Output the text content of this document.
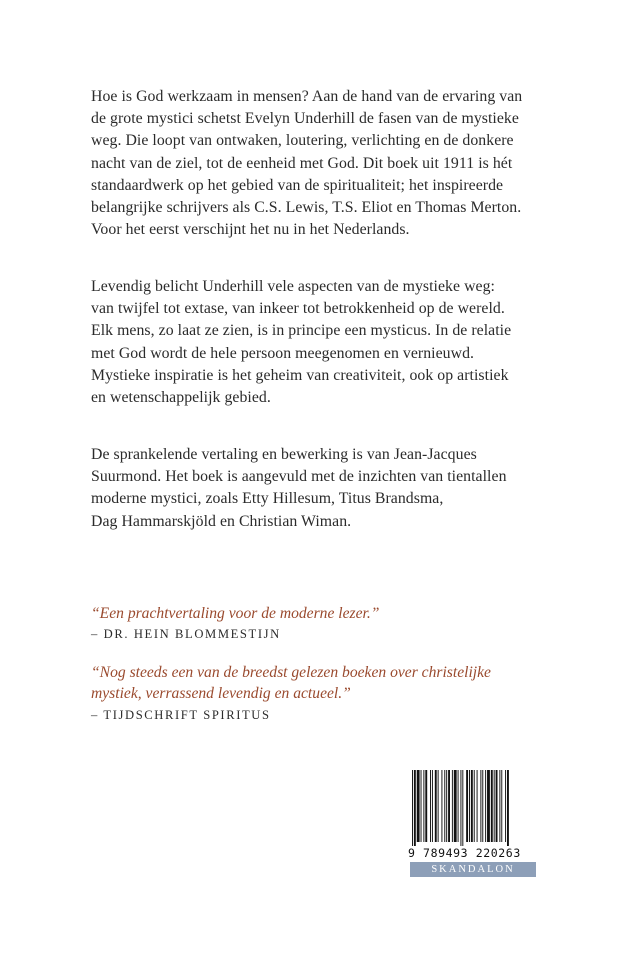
Hoe is God werkzaam in mensen? Aan de hand van de ervaring van
de grote mystici schetst Evelyn Underhill de fasen van de mystieke
weg. Die loopt van ontwaken, loutering, verlichting en de donkere
nacht van de ziel, tot de eenheid met God. Dit boek uit 1911 is hét
standaardwerk op het gebied van de spiritualiteit; het inspireerde
belangrijke schrijvers als C.S. Lewis, T.S. Eliot en Thomas Merton.
Voor het eerst verschijnt het nu in het Nederlands.

Levendig belicht Underhill vele aspecten van de mystieke weg:
van twijfel tot extase, van inkeer tot betrokkenheid op de wereld.
Elk mens, zo laat ze zien, is in principe een mysticus. In de relatie
met God wordt de hele persoon meegenomen en vernieuwd.
Mystieke inspiratie is het geheim van creativiteit, ook op artistiek
en wetenschappelijk gebied.

De sprankelende vertaling en bewerking is van Jean-Jacques
Suurmond. Het boek is aangevuld met de inzichten van tientallen
moderne mystici, zoals Etty Hillesum, Titus Brandsma,
Dag Hammarskjöld en Christian Wiman.

“Een prachtvertaling voor de moderne lezer.”

– DR. HEIN BLOMMESTIJN

“Nog steeds een van de breedst gelezen boeken over christelijke
mystiek, verrassend levendig en actueel.”

– TIJDSCHRIFT SPIRITUS

9 789493 220263
SKANDALON
